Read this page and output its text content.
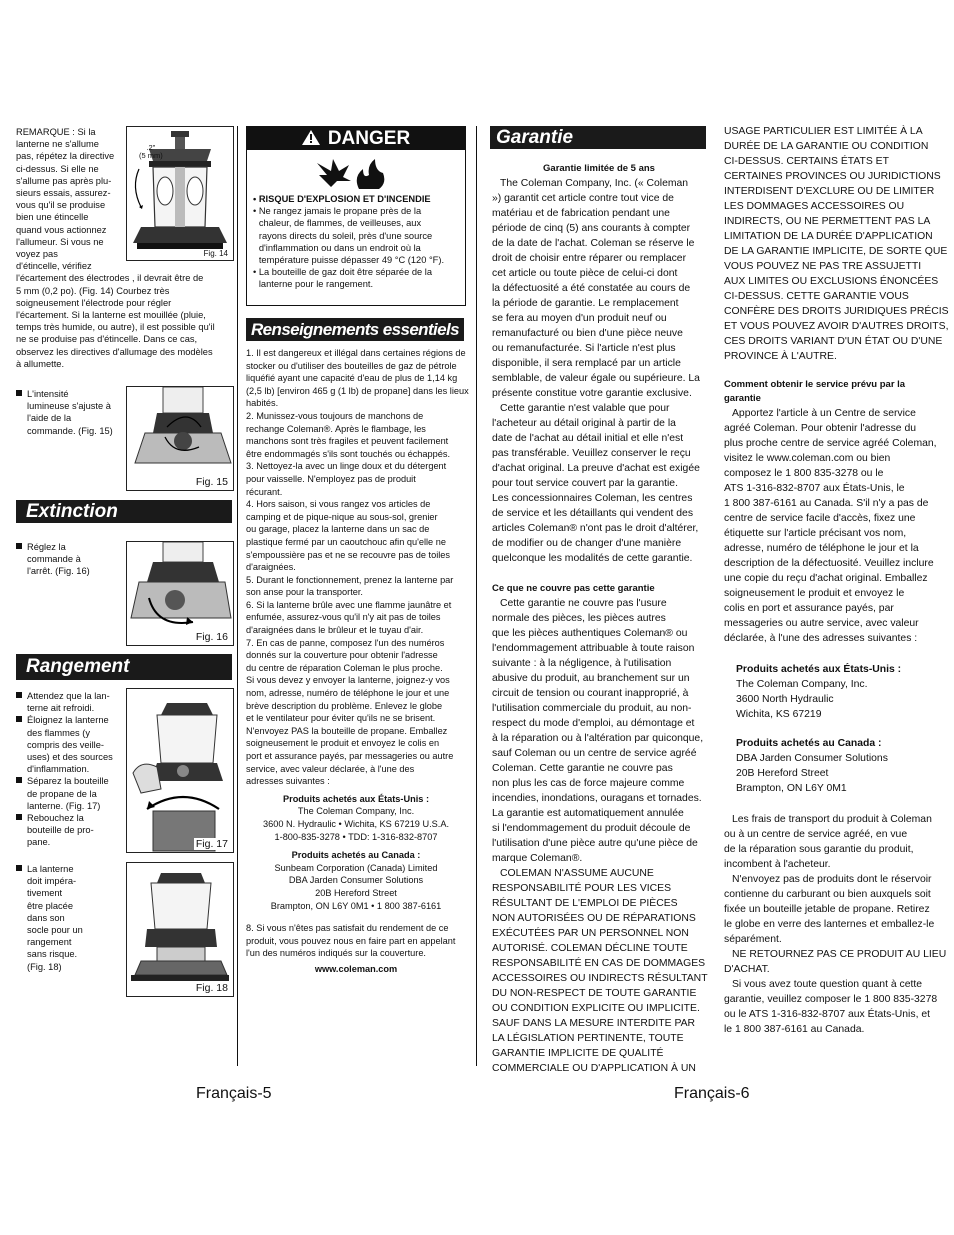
REMARQUE : Si la
lanterne ne s'allume
pas, répétez la directive
ci-dessus. Si elle ne
s'allume pas après plu-
sieurs essais, assurez-
vous qu'il se produise
bien une étincelle
quand vous actionnez
l'allumeur. Si vous ne
voyez pas
d'étincelle, vérifiez
l'écartement des électrodes , il devrait être de
5 mm (0,2 po). (Fig. 14) Courbez très
soigneusement l'électrode pour régler
l'écartement. Si la lanterne est mouillée (pluie,
temps très humide, ou autre), il est possible qu'il
ne se produise pas d'étincelle. Dans ce cas,
observez les directives d'allumage des modèles
à allumette.
.2"
(5 mm)
Fig. 14
L'intensité
lumineuse s'ajuste à
l'aide de la
commande. (Fig. 15)
Fig. 15
Extinction
Réglez la
commande à
l'arrêt. (Fig. 16)
Fig. 16
Rangement
Attendez que la lan-
terne ait refroidi.
Éloignez la lanterne
des flammes (y
compris des veille-
uses) et des sources
d'inflammation.
Séparez la bouteille
de propane de la
lanterne. (Fig. 17)
Rebouchez la
bouteille de pro-
pane.	Fig. 17
La lanterne
doit impéra-
tivement
être placée
dans son
socle pour un
rangement
sans risque.
(Fig. 18)
Fig. 18
DANGER
• RISQUE D'EXPLOSION ET D'INCENDIE
• Ne rangez jamais le propane près de la
chaleur, de flammes, de veilleuses, aux
rayons directs du soleil, près d'une source
d'inflammation ou dans un endroit où la
température puisse dépasser 49 °C (120 °F).
• La bouteille de gaz doit être séparée de la
lanterne pour le rangement.
Renseignements essentiels
1. Il est dangereux et illégal dans certaines régions de
stocker ou d'utiliser des bouteilles de gaz de pétrole
liquéfié ayant une capacité d'eau de plus de 1,14 kg
(2,5 lb) [environ 465 g (1 lb) de propane] dans les lieux
habités.
2. Munissez-vous toujours de manchons de
rechange Coleman®. Après le flambage, les
manchons sont très fragiles et peuvent facilement
être endommagés s'ils sont touchés ou échappés.
3. Nettoyez-la avec un linge doux et du détergent
pour vaisselle. N'employez pas de produit
récurant.
4. Hors saison, si vous rangez vos articles de
camping et de pique-nique au sous-sol, grenier
ou garage, placez la lanterne dans un sac de
plastique fermé par un caoutchouc afin qu'elle ne
s'empoussière pas et ne se recouvre pas de toiles
d'araignées.
5. Durant le fonctionnement, prenez la lanterne par
son anse pour la transporter.
6. Si la lanterne brûle avec une flamme jaunâtre et
enfumée, assurez-vous qu'il n'y ait pas de toiles
d'araignées dans le brûleur et le tuyau d'air.
7. En cas de panne, composez l'un des numéros
donnés sur la couverture pour obtenir l'adresse
du centre de réparation Coleman le plus proche.
Si vous devez y envoyer la lanterne, joignez-y vos
nom, adresse, numéro de téléphone le jour et une
brève description du problème. Enlevez le globe
et le ventilateur pour éviter qu'ils ne se brisent.
N'envoyez PAS la bouteille de propane. Emballez
soigneusement le produit et envoyez le colis en
port et assurance payés, par messageries ou autre
service, avec valeur déclarée, à l'une des
adresses suivantes :
Produits achetés aux États-Unis :
The Coleman Company, Inc.
3600 N. Hydraulic • Wichita, KS 67219 U.S.A.
1-800-835-3278 • TDD: 1-316-832-8707
Produits achetés au Canada :
Sunbeam Corporation (Canada) Limited
DBA Jarden Consumer Solutions
20B Hereford Street
Brampton, ON L6Y 0M1 • 1 800 387-6161
8. Si vous n'êtes pas satisfait du rendement de ce
produit, vous pouvez nous en faire part en appelant
l'un des numéros indiqués sur la couverture.
www.coleman.com
Garantie
Garantie limitée de 5 ans
The Coleman Company, Inc. (« Coleman
») garantit cet article contre tout vice de
matériau et de fabrication pendant une
période de cinq (5) ans courants à compter
de la date de l'achat. Coleman se réserve le
droit de choisir entre réparer ou remplacer
cet article ou toute pièce de celui-ci dont
la défectuosité a été constatée au cours de
la période de garantie. Le remplacement
se fera au moyen d'un produit neuf ou
remanufacturé ou bien d'une pièce neuve
ou remanufacturée. Si l'article n'est plus
disponible, il sera remplacé par un article
semblable, de valeur égale ou supérieure. La
présente constitue votre garantie exclusive.
Cette garantie n'est valable que pour
l'acheteur au détail original à partir de la
date de l'achat au détail initial et elle n'est
pas transférable. Veuillez conserver le reçu
d'achat original. La preuve d'achat est exigée
pour tout service couvert par la garantie.
Les concessionnaires Coleman, les centres
de service et les détaillants qui vendent des
articles Coleman® n'ont pas le droit d'altérer,
de modifier ou de changer d'une manière
quelconque les modalités de cette garantie.
Ce que ne couvre pas cette garantie
Cette garantie ne couvre pas l'usure
normale des pièces, les pièces autres
que les pièces authentiques Coleman® ou
l'endommagement attribuable à toute raison
suivante : à la négligence, à l'utilisation
abusive du produit, au branchement sur un
circuit de tension ou courant inapproprié, à
l'utilisation commerciale du produit, au non-
respect du mode d'emploi, au démontage et
à la réparation ou à l'altération par quiconque,
sauf Coleman ou un centre de service agréé
Coleman. Cette garantie ne couvre pas
non plus les cas de force majeure comme
incendies, inondations, ouragans et tornades.
La garantie est automatiquement annulée
si l'endommagement du produit découle de
l'utilisation d'une pièce autre qu'une pièce de
marque Coleman®.
COLEMAN N'ASSUME AUCUNE
RESPONSABILITÉ POUR LES VICES
RÉSULTANT DE L'EMPLOI DE PIÈCES
NON AUTORISÉES OU DE RÉPARATIONS
EXÉCUTÉES PAR UN PERSONNEL NON
AUTORISÉ. COLEMAN DÉCLINE TOUTE
RESPONSABILITÉ EN CAS DE DOMMAGES
ACCESSOIRES OU INDIRECTS RÉSULTANT
DU NON-RESPECT DE TOUTE GARANTIE
OU CONDITION EXPLICITE OU IMPLICITE.
SAUF DANS LA MESURE INTERDITE PAR
LA LÉGISLATION PERTINENTE, TOUTE
GARANTIE IMPLICITE DE QUALITÉ
COMMERCIALE OU D'APPLICATION À UN
USAGE PARTICULIER EST LIMITÉE À LA
DURÉE DE LA GARANTIE OU CONDITION
CI-DESSUS. CERTAINS ÉTATS ET
CERTAINES PROVINCES OU JURIDICTIONS
INTERDISENT D'EXCLURE OU DE LIMITER
LES DOMMAGES ACCESSOIRES OU
INDIRECTS, OU NE PERMETTENT PAS LA
LIMITATION DE LA DURÉE D'APPLICATION
DE LA GARANTIE IMPLICITE, DE SORTE QUE
VOUS POUVEZ NE PAS TRE ASSUJETTI
AUX LIMITES OU EXCLUSIONS ÉNONCÉES
CI-DESSUS. CETTE GARANTIE VOUS
CONFÈRE DES DROITS JURIDIQUES PRÉCIS
ET VOUS POUVEZ AVOIR D'AUTRES DROITS,
CES DROITS VARIANT D'UN ÉTAT OU D'UNE
PROVINCE À L'AUTRE.
Comment obtenir le service prévu par la
garantie
Apportez l'article à un Centre de service
agréé Coleman. Pour obtenir l'adresse du
plus proche centre de service agréé Coleman,
visitez le www.coleman.com ou bien
composez le 1 800 835-3278 ou le
ATS 1-316-832-8707 aux États-Unis, le
1 800 387-6161 au Canada. S'il n'y a pas de
centre de service facile d'accès, fixez une
étiquette sur l'article précisant vos nom,
adresse, numéro de téléphone le jour et la
description de la défectuosité. Veuillez inclure
une copie du reçu d'achat original. Emballez
soigneusement le produit et envoyez le
colis en port et assurance payés, par
messageries ou autre service, avec valeur
déclarée, à l'une des adresses suivantes :
Produits achetés aux États-Unis :
The Coleman Company, Inc.
3600 North Hydraulic
Wichita, KS 67219
Produits achetés au Canada :
DBA Jarden Consumer Solutions
20B Hereford Street
Brampton, ON L6Y 0M1
Les frais de transport du produit à Coleman
ou à un centre de service agréé, en vue
de la réparation sous garantie du produit,
incombent à l'acheteur.
N'envoyez pas de produits dont le réservoir
contienne du carburant ou bien auxquels soit
fixée un bouteille jetable de propane. Retirez
le globe en verre des lanternes et emballez-le
séparément.
NE RETOURNEZ PAS CE PRODUIT AU LIEU
D'ACHAT.
Si vous avez toute question quant à cette
garantie, veuillez composer le 1 800 835-3278
ou le ATS 1-316-832-8707 aux États-Unis, et
le 1 800 387-6161 au Canada.
Français-5	Français-6
